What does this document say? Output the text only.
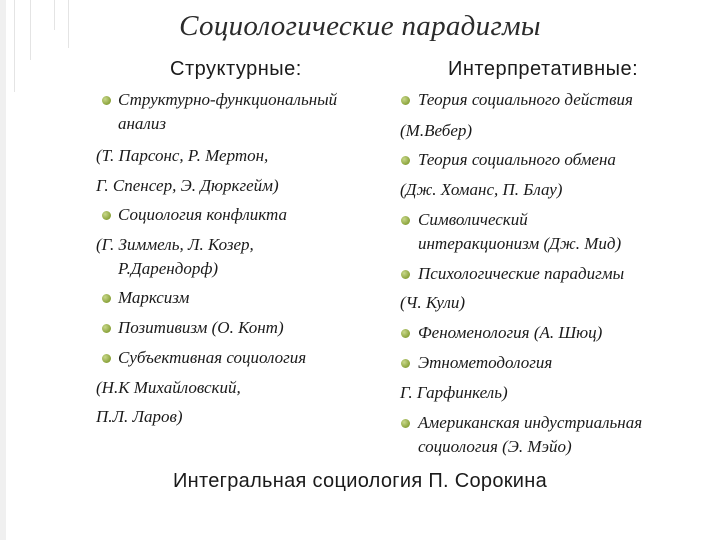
Социологические парадигмы
Структурные:	Интерпретативные:
Структурно-функциональный
анализ
(Т. Парсонс, Р. Мертон,
Г. Спенсер, Э. Дюркгейм)
Социология конфликта
(Г. Зиммель, Л. Козер,
Р.Дарендорф)
Марксизм
Позитивизм (О. Конт)
Субъективная социология
(Н.К Михайловский,
П.Л. Ларов)
Теория социального действия
(М.Вебер)
Теория социального обмена
(Дж. Хоманс, П. Блау)
Символический
интеракционизм (Дж. Мид)
Психологические парадигмы
(Ч. Кули)
Феноменология (А. Шюц)
Этнометодология
Г. Гарфинкель)
Американская индустриальная
социология (Э. Мэйо)
Интегральная социология П. Сорокина
